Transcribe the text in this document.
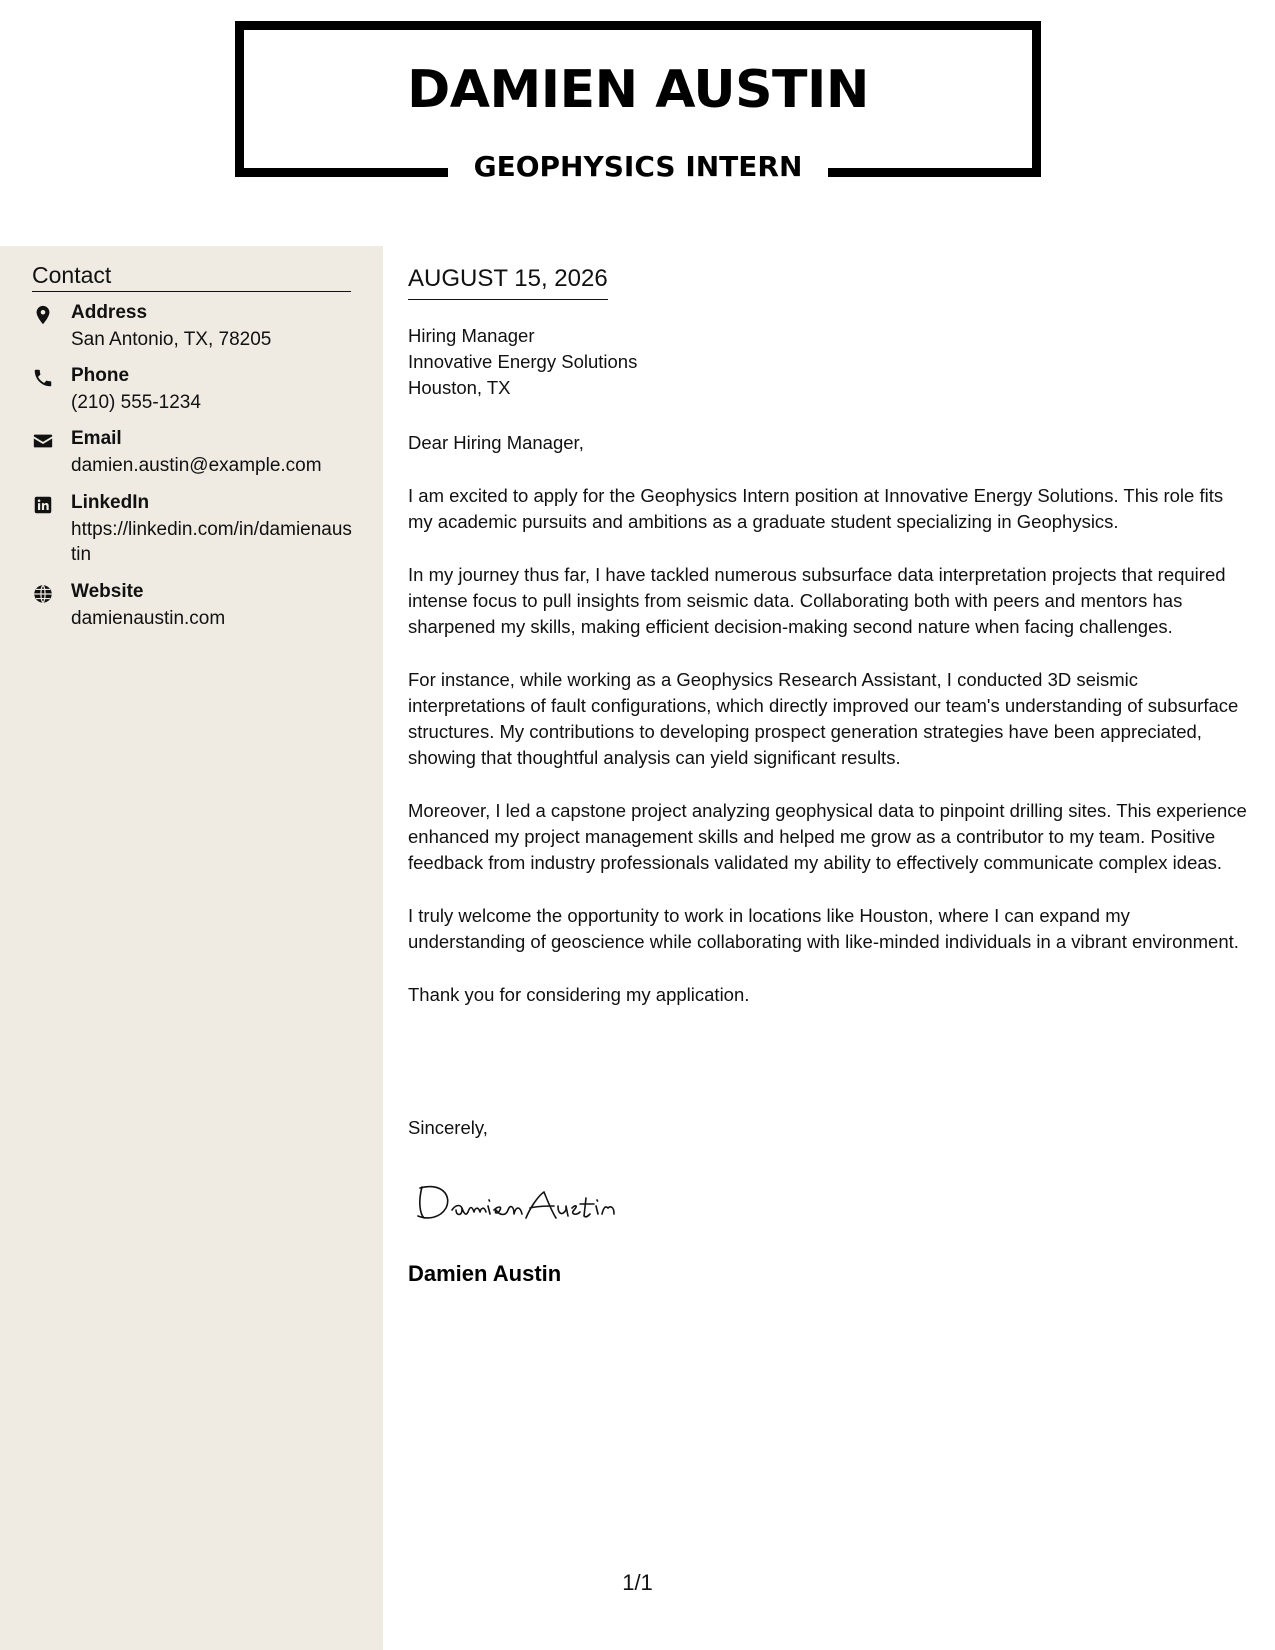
DAMIEN AUSTIN
GEOPHYSICS INTERN
Contact
Address
San Antonio, TX, 78205
Phone
(210) 555-1234
Email
damien.austin@example.com
LinkedIn
https://linkedin.com/in/damienaustin
Website
damienaustin.com
AUGUST 15, 2026
Hiring Manager
Innovative Energy Solutions
Houston, TX

Dear Hiring Manager,

I am excited to apply for the Geophysics Intern position at Innovative Energy Solutions. This role fits my academic pursuits and ambitions as a graduate student specializing in Geophysics.

In my journey thus far, I have tackled numerous subsurface data interpretation projects that required intense focus to pull insights from seismic data. Collaborating both with peers and mentors has sharpened my skills, making efficient decision-making second nature when facing challenges.

For instance, while working as a Geophysics Research Assistant, I conducted 3D seismic interpretations of fault configurations, which directly improved our team's understanding of subsurface structures. My contributions to developing prospect generation strategies have been appreciated, showing that thoughtful analysis can yield significant results.

Moreover, I led a capstone project analyzing geophysical data to pinpoint drilling sites. This experience enhanced my project management skills and helped me grow as a contributor to my team. Positive feedback from industry professionals validated my ability to effectively communicate complex ideas.

I truly welcome the opportunity to work in locations like Houston, where I can expand my understanding of geoscience while collaborating with like-minded individuals in a vibrant environment.

Thank you for considering my application.

Sincerely,
Damien Austin
1/1
